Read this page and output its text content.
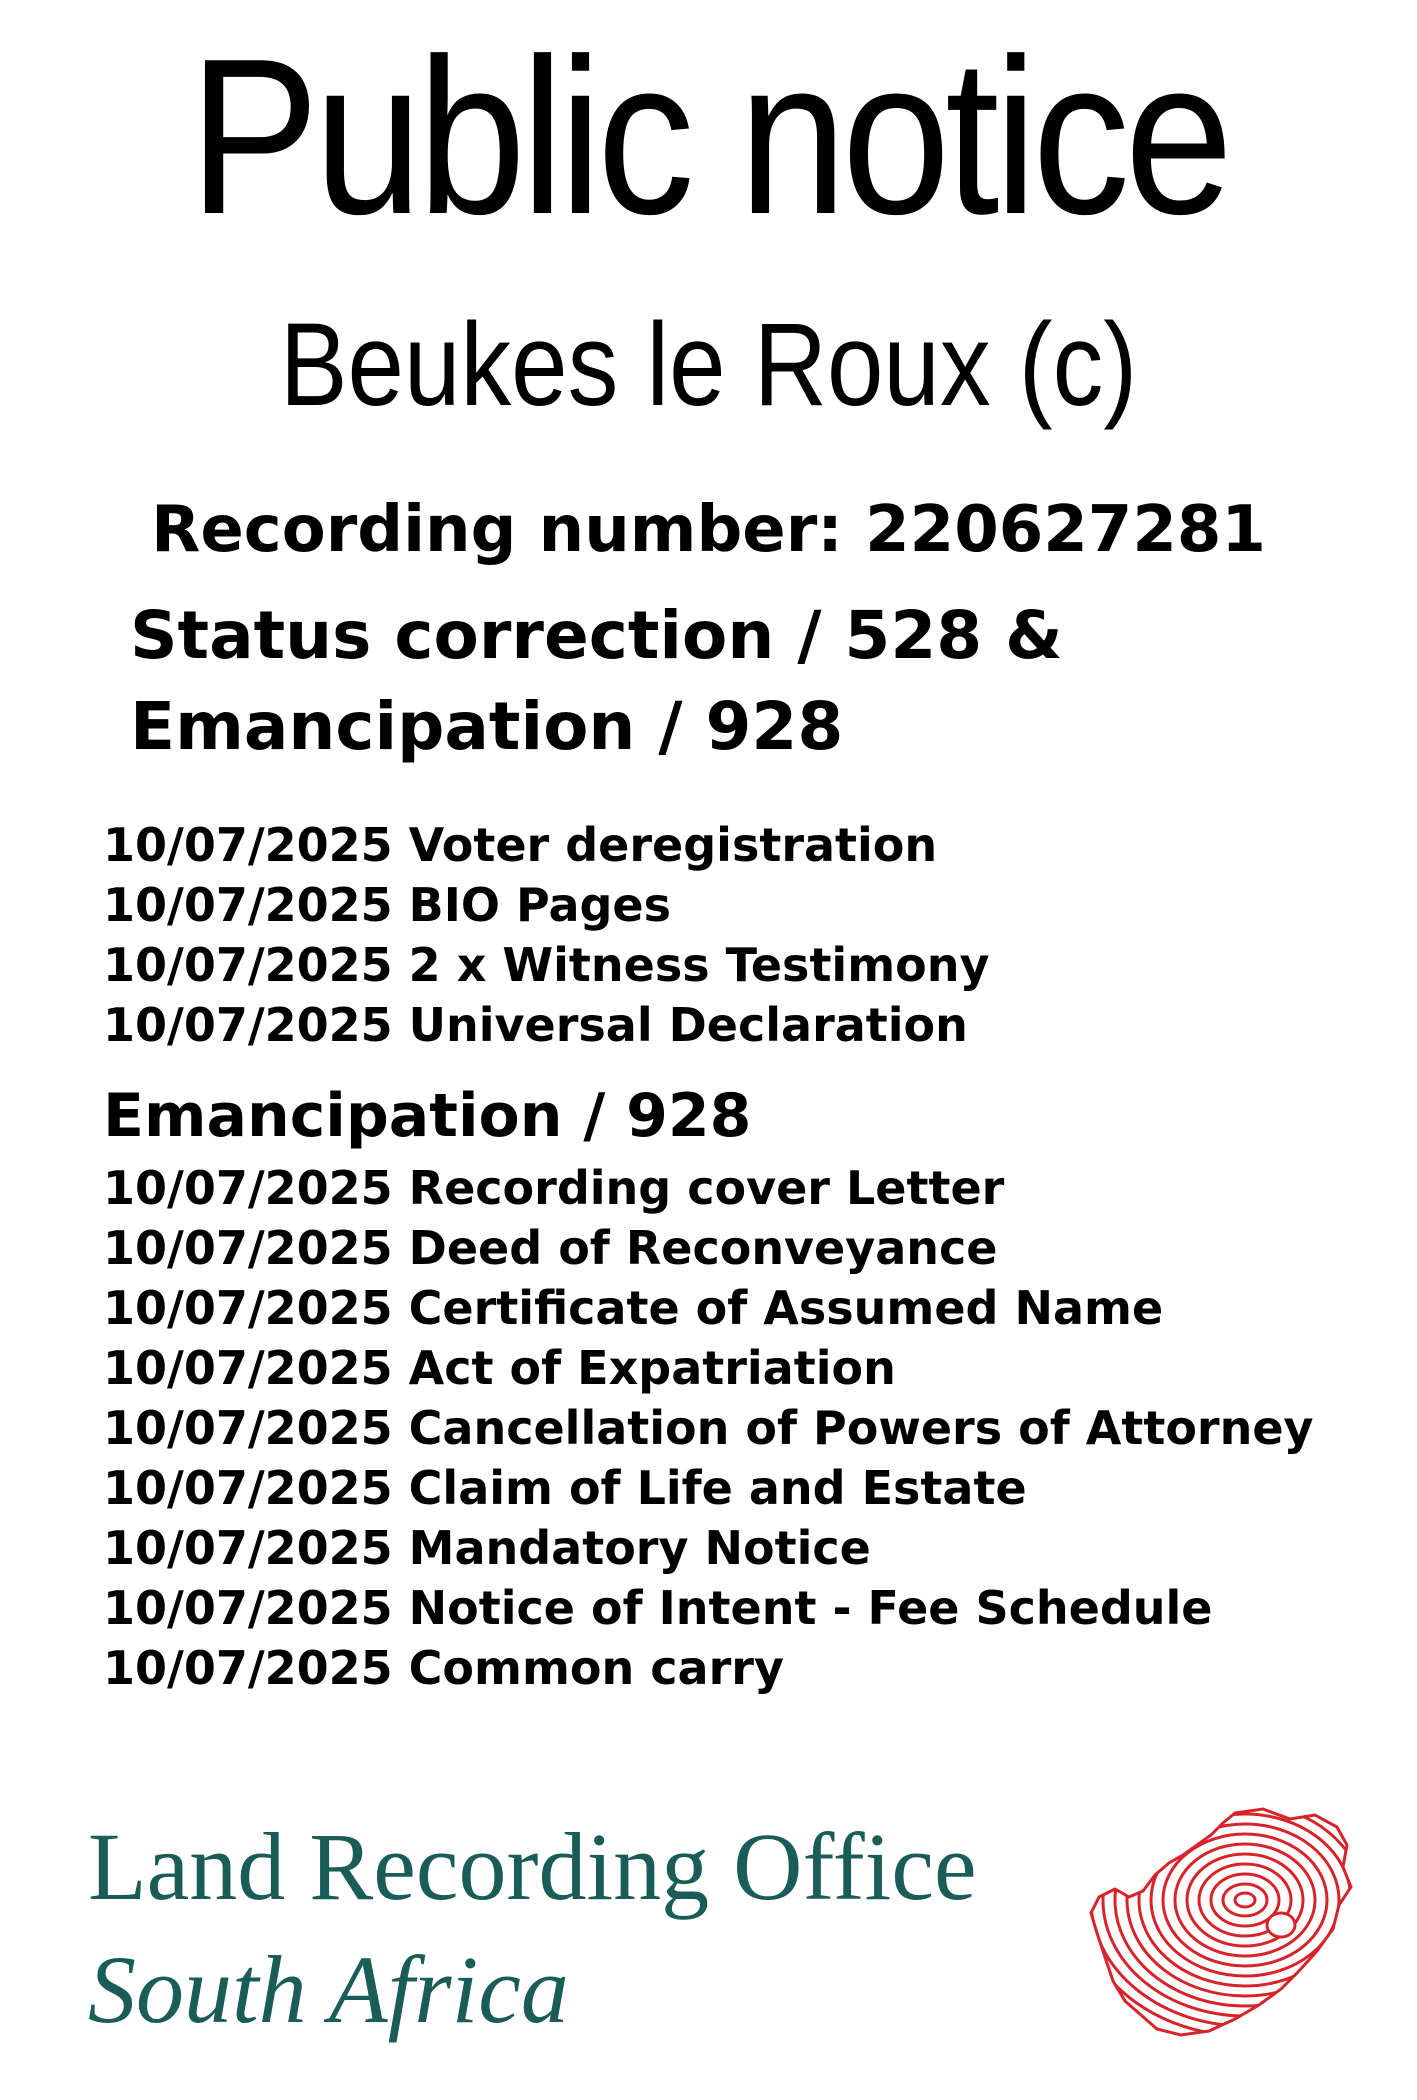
Public notice
Beukes le Roux (c)
Recording number: 220627281
Status correction / 528 &
Emancipation / 928
10/07/2025 Voter deregistration
10/07/2025 BIO Pages
10/07/2025 2 x Witness Testimony
10/07/2025 Universal Declaration
Emancipation / 928
10/07/2025 Recording cover Letter
10/07/2025 Deed of Reconveyance
10/07/2025 Certificate of Assumed Name
10/07/2025 Act of Expatriation
10/07/2025 Cancellation of Powers of Attorney
10/07/2025 Claim of Life and Estate
10/07/2025 Mandatory Notice
10/07/2025 Notice of Intent - Fee Schedule
10/07/2025 Common carry
Land Recording Office
South Africa
